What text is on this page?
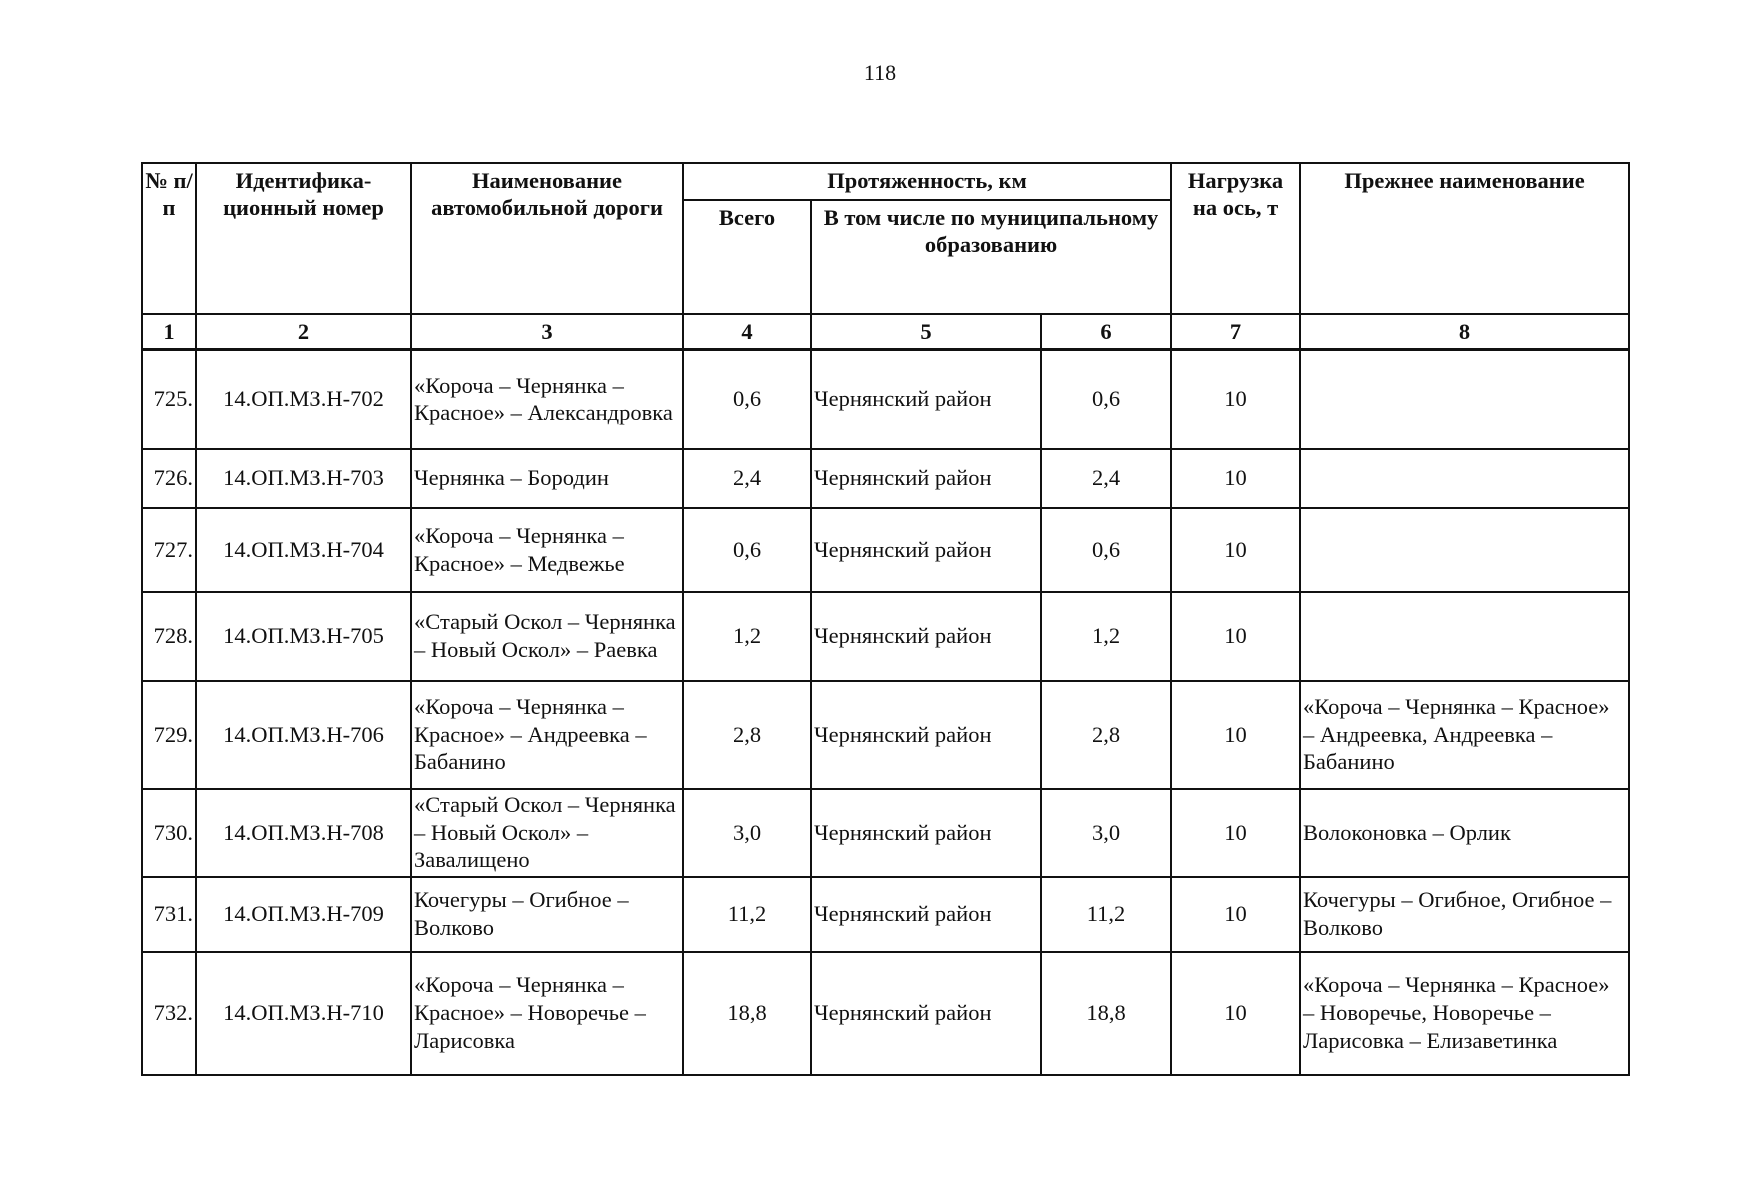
118
№ п/п	Идентифика-ционный номер	Наименование автомобильной дороги	Протяженность, км			Нагрузка на ось, т	Прежнее наименование
			Всего	В том числе по муниципальному образованию			
1	2	3	4	5	6	7	8
725.	14.ОП.МЗ.Н-702	«Короча – Чернянка – Красное» – Александровка	0,6	Чернянский район	0,6	10	
726.	14.ОП.МЗ.Н-703	Чернянка – Бородин	2,4	Чернянский район	2,4	10	
727.	14.ОП.МЗ.Н-704	«Короча – Чернянка – Красное» – Медвежье	0,6	Чернянский район	0,6	10	
728.	14.ОП.МЗ.Н-705	«Старый Оскол – Чернянка – Новый Оскол» – Раевка	1,2	Чернянский район	1,2	10	
729.	14.ОП.МЗ.Н-706	«Короча – Чернянка – Красное» – Андреевка – Бабанино	2,8	Чернянский район	2,8	10	«Короча – Чернянка – Красное» – Андреевка, Андреевка – Бабанино
730.	14.ОП.МЗ.Н-708	«Старый Оскол – Чернянка – Новый Оскол» – Завалищено	3,0	Чернянский район	3,0	10	Волоконовка – Орлик
731.	14.ОП.МЗ.Н-709	Кочегуры – Огибное – Волково	11,2	Чернянский район	11,2	10	Кочегуры – Огибное, Огибное – Волково
732.	14.ОП.МЗ.Н-710	«Короча – Чернянка – Красное» – Новоречье – Ларисовка	18,8	Чернянский район	18,8	10	«Короча – Чернянка – Красное» – Новоречье, Новоречье – Ларисовка – Елизаветинка
